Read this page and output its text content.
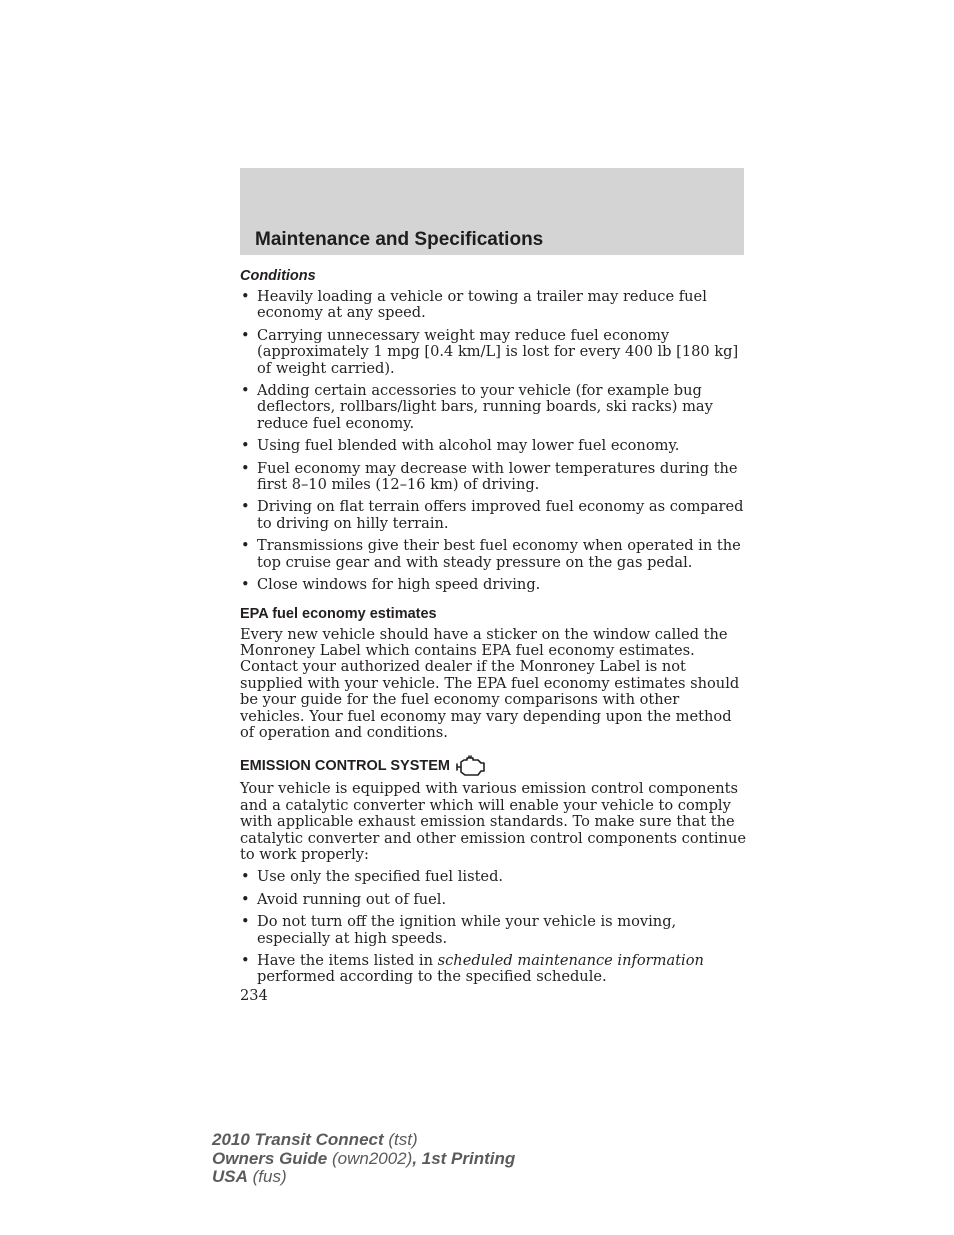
Maintenance and Specifications
Conditions
• Heavily loading a vehicle or towing a trailer may reduce fuel economy at any speed.
• Carrying unnecessary weight may reduce fuel economy (approximately 1 mpg [0.4 km/L] is lost for every 400 lb [180 kg] of weight carried).
• Adding certain accessories to your vehicle (for example bug deflectors, rollbars/light bars, running boards, ski racks) may reduce fuel economy.
• Using fuel blended with alcohol may lower fuel economy.
• Fuel economy may decrease with lower temperatures during the first 8–10 miles (12–16 km) of driving.
• Driving on flat terrain offers improved fuel economy as compared to driving on hilly terrain.
• Transmissions give their best fuel economy when operated in the top cruise gear and with steady pressure on the gas pedal.
• Close windows for high speed driving.
EPA fuel economy estimates

Every new vehicle should have a sticker on the window called the Monroney Label which contains EPA fuel economy estimates. Contact your authorized dealer if the Monroney Label is not supplied with your vehicle. The EPA fuel economy estimates should be your guide for the fuel economy comparisons with other vehicles. Your fuel economy may vary depending upon the method of operation and conditions.

EMISSION CONTROL SYSTEM

Your vehicle is equipped with various emission control components and a catalytic converter which will enable your vehicle to comply with applicable exhaust emission standards. To make sure that the catalytic converter and other emission control components continue to work properly:

• Use only the specified fuel listed.
• Avoid running out of fuel.
• Do not turn off the ignition while your vehicle is moving, especially at high speeds.
• Have the items listed in scheduled maintenance information performed according to the specified schedule.
234
2010 Transit Connect (tst)
Owners Guide (own2002), 1st Printing
USA (fus)
